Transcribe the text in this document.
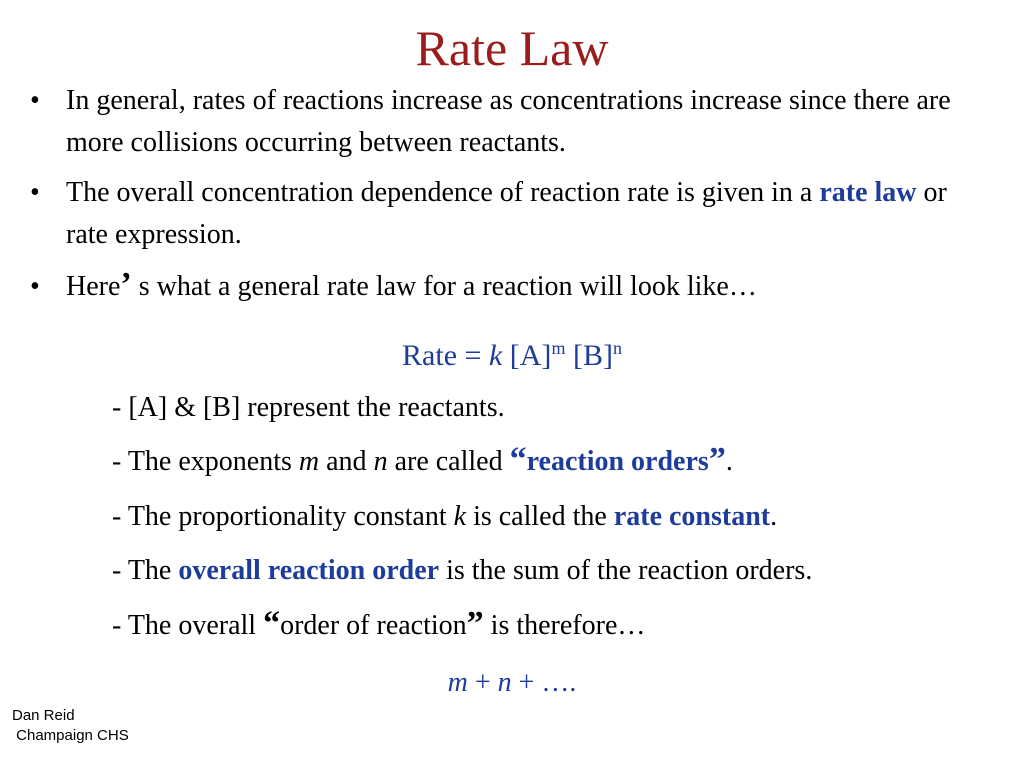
Rate Law
• In general, rates of reactions increase as concentrations increase since there are more collisions occurring between reactants.
• The overall concentration dependence of reaction rate is given in a rate law or rate expression.
• Here’ s what a general rate law for a reaction will look like…
Rate = k $[A]^m$ $[B]^n$
- [A] & [B] represent the reactants.
- The exponents m and n are called “reaction orders”.
- The proportionality constant k is called the rate constant.
- The overall reaction order is the sum of the reaction orders.
- The overall “order of reaction” is therefore…
m + n + ….
Dan Reid
Champaign CHS
